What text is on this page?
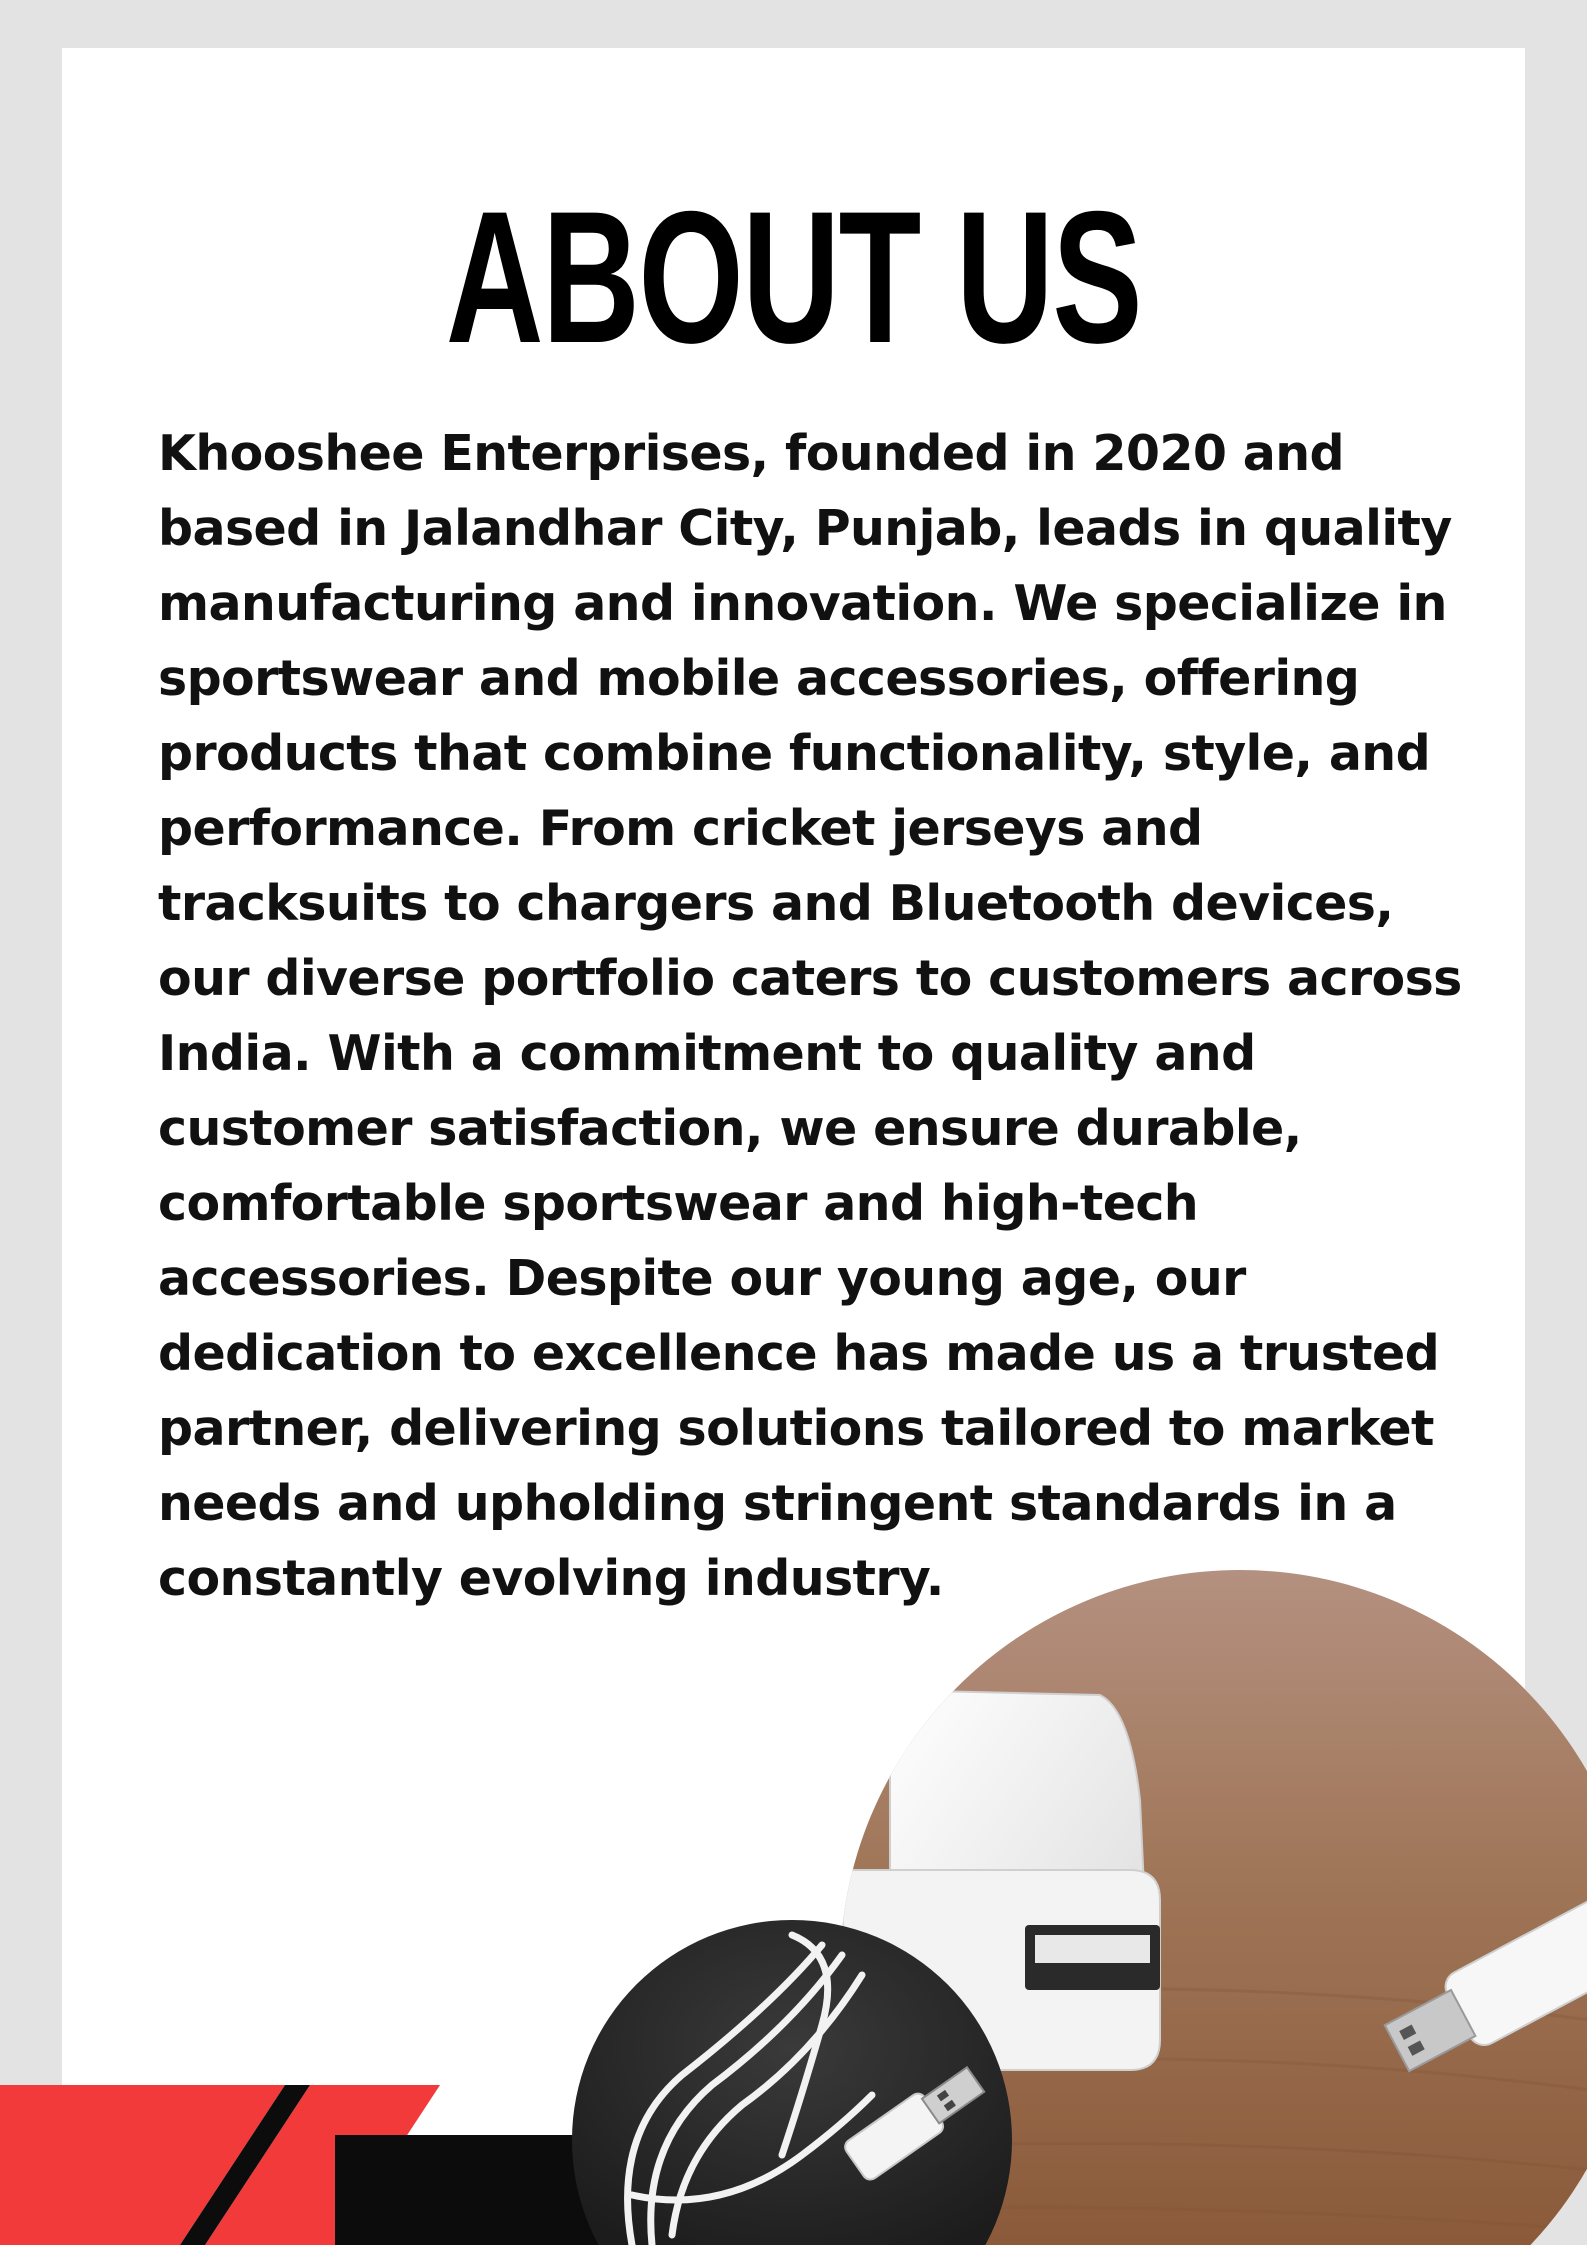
ABOUT US

Khooshee Enterprises, founded in 2020 and
based in Jalandhar City, Punjab, leads in quality
manufacturing and innovation. We specialize in
sportswear and mobile accessories, offering
products that combine functionality, style, and
performance. From cricket jerseys and
tracksuits to chargers and Bluetooth devices,
our diverse portfolio caters to customers across
India. With a commitment to quality and
customer satisfaction, we ensure durable,
comfortable sportswear and high-tech
accessories. Despite our young age, our
dedication to excellence has made us a trusted
partner, delivering solutions tailored to market
needs and upholding stringent standards in a
constantly evolving industry.
